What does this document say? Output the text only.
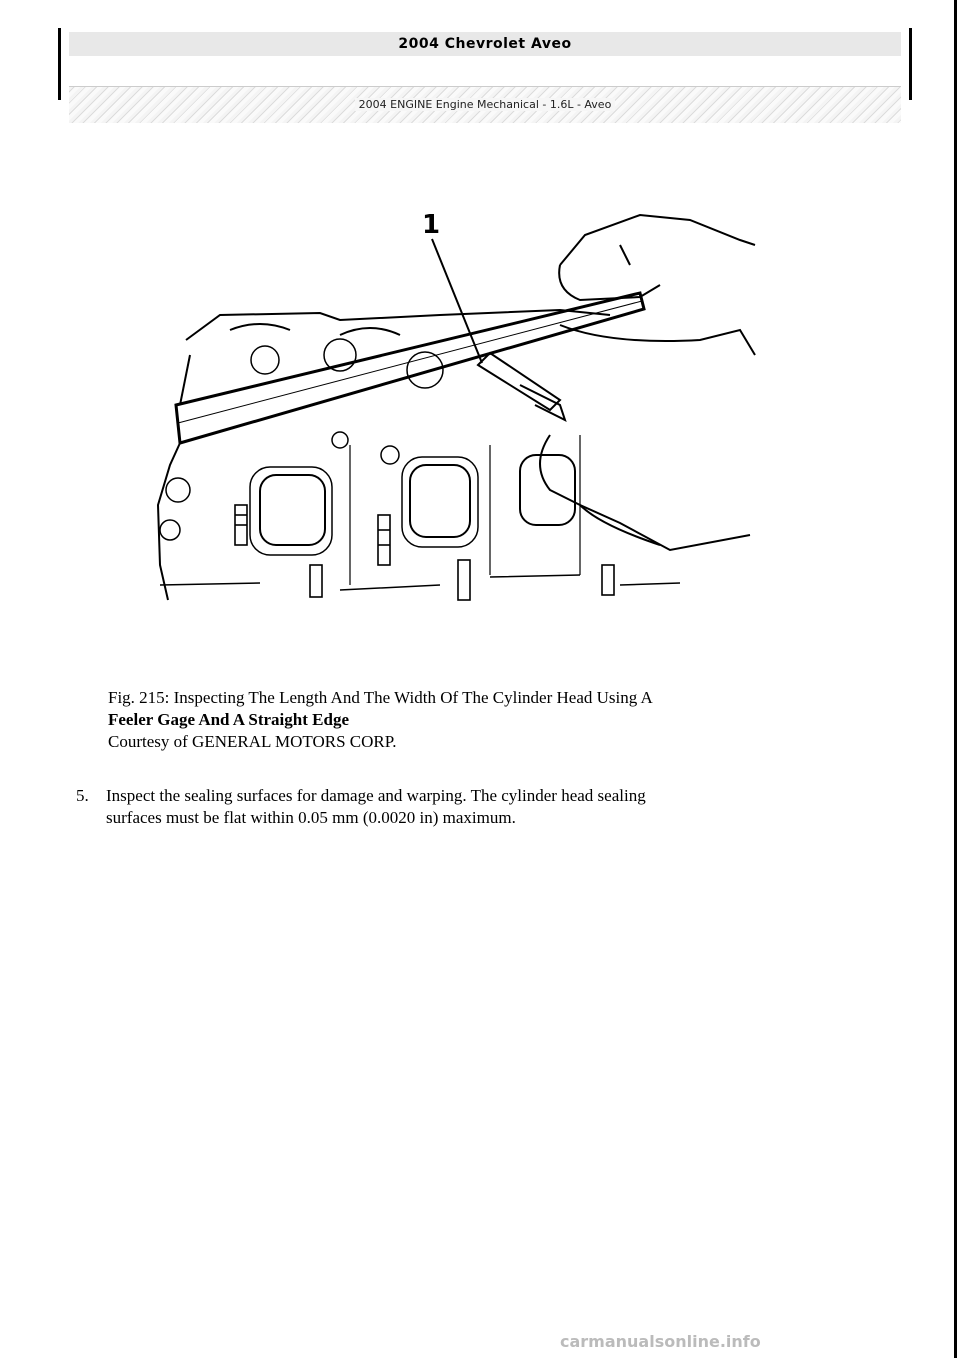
2004 Chevrolet Aveo
2004 ENGINE Engine Mechanical - 1.6L - Aveo
1
Fig. 215: Inspecting The Length And The Width Of The Cylinder Head Using A
Feeler Gage And A Straight Edge
Courtesy of GENERAL MOTORS CORP.
5. Inspect the sealing surfaces for damage and warping. The cylinder head sealing
surfaces must be flat within 0.05 mm (0.0020 in) maximum.
carmanualsonline.info
